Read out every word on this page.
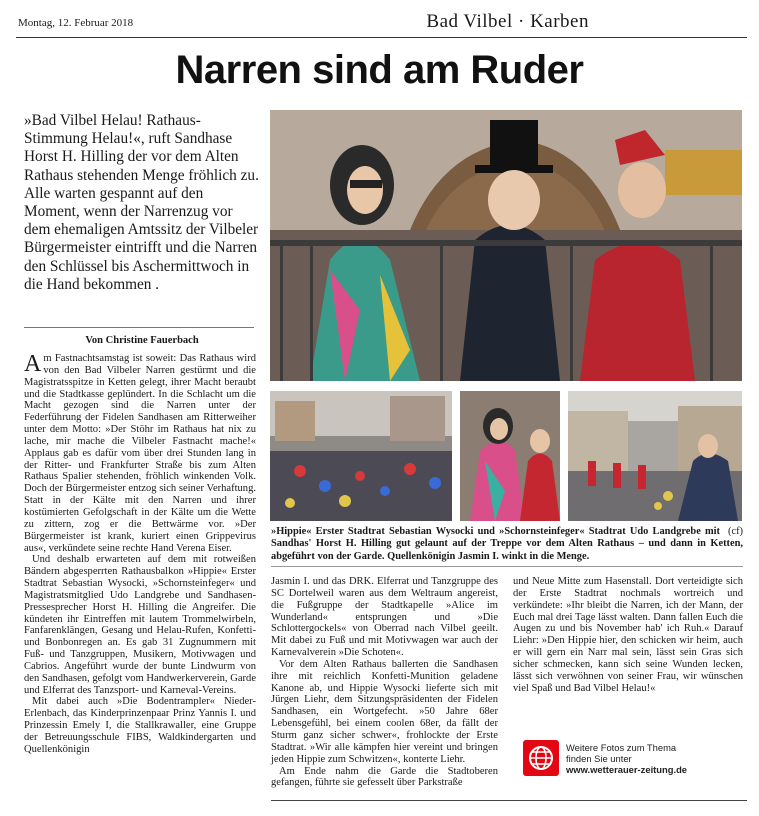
Montag, 12. Februar 2018	Bad Vilbel · Karben
Narren sind am Ruder
»Bad Vilbel Helau! Rathaus-Stimmung Helau!«, ruft Sandhase Horst H. Hilling der vor dem Alten Rathaus stehenden Menge fröhlich zu. Alle warten gespannt auf den Moment, wenn der Narrenzug vor dem ehemaligen Amtssitz der Vilbeler Bürgermeister eintrifft und die Narren den Schlüssel bis Aschermittwoch in die Hand bekommen .
Von Christine Fauerbach

Am Fastnachtsamstag ist soweit: Das Rathaus wird von den Bad Vilbeler Narren gestürmt und die Magistratsspitze in Ketten gelegt, ihrer Macht beraubt und die Stadtkasse geplündert. In die Schlacht um die Macht gezogen sind die Narren unter der Federführung der Fidelen Sandhasen am Ritterweiher unter dem Motto: »Der Stöhr im Rathaus hat nix zu lache, mir mache die Vilbeler Fastnacht mache!« Applaus gab es dafür vom über drei Stunden lang in der Ritter- und Frankfurter Straße bis zum Alten Rathaus Spalier stehenden, fröhlich winkenden Volk. Doch der Bürgermeister entzog sich seiner Verhaftung. Statt in der Kälte mit den Narren und ihrer kostümierten Gefolgschaft in der Kälte um die Wette zu zittern, zog er die Bettwärme vor. »Der Bürgermeister ist krank, kuriert einen Grippevirus aus«, verkündete seine rechte Hand Verena Eiser.

Und deshalb erwarteten auf dem mit rotweißen Bändern abgesperrten Rathausbalkon »Hippie« Erster Stadtrat Sebastian Wysocki, »Schornsteinfeger« und Magistratsmitglied Udo Landgrebe und Sandhasen-Pressesprecher Horst H. Hilling die Angreifer. Die kündeten ihr Eintreffen mit lautem Trommelwirbeln, Fanfarenklängen, Gesang und Helau-Rufen, Konfetti- und Bonbonregen an. Es gab 31 Zugnummern mit Fuß- und Tanzgruppen, Musikern, Motivwagen und Cabrios. Angeführt wurde der bunte Lindwurm von den Sandhasen, gefolgt vom Handwerkerverein, Garde und Elferrat des Tanzsport- und Karneval-Vereins.

Mit dabei auch »Die Bodentrampler« Nieder-Erlenbach, das Kinderprinzenpaar Prinz Yannis I. und Prinzessin Emely I, die Stallkrawaller, eine Gruppe der Betreuungsschule FIBS, Waldkindergarten und Quellenkönigin

(cf)
»Hippie« Erster Stadtrat Sebastian Wysocki und »Schornsteinfeger« Stadtrat Udo Landgrebe mit Sandhas' Horst H. Hilling gut gelaunt auf der Treppe vor dem Alten Rathaus – und dann in Ketten, abgeführt von der Garde. Quellenkönigin Jasmin I. winkt in die Menge.

Jasmin I. und das DRK. Elferrat und Tanzgruppe des SC Dortelweil waren aus dem Weltraum angereist, die Fußgruppe der Stadtkapelle »Alice im Wunderland« entsprungen und »Die Schlottergockels« von Oberrad nach Vilbel geeilt. Mit dabei zu Fuß und mit Motivwagen war auch der Karnevalverein »Die Schoten«.

Vor dem Alten Rathaus ballerten die Sandhasen ihre mit reichlich Konfetti-Munition geladene Kanone ab, und Hippie Wysocki lieferte sich mit Jürgen Liehr, dem Sitzungspräsidenten der Fidelen Sandhasen, ein Wortgefecht. »50 Jahre 68er Lebensgefühl, bei einem coolen 68er, da fällt der Sturm ganz sicher schwer«, frohlockte der Erste Stadtrat. »Wir alle kämpfen hier vereint und bringen jeden Hippie zum Schwitzen«, konterte Liehr.

Am Ende nahm die Garde die Stadtoberen gefangen, führte sie gefesselt über Parkstraße

und Neue Mitte zum Hasenstall. Dort verteidigte sich der Erste Stadtrat nochmals wortreich und verkündete: »Ihr bleibt die Narren, ich der Mann, der Euch mal drei Tage lässt walten. Dann fallen Euch die Augen zu und bis November hab' ich Ruh.« Darauf Liehr: »Den Hippie hier, den schicken wir heim, auch er will gern ein Narr mal sein, lässt sein Gras sich sicher schmecken, kann sich seine Wunden lecken, lässt sich verwöhnen von seiner Frau, wir wünschen viel Spaß und Bad Vilbel Helau!«

Weitere Fotos zum Thema
finden Sie unter
www.wetterauer-zeitung.de
